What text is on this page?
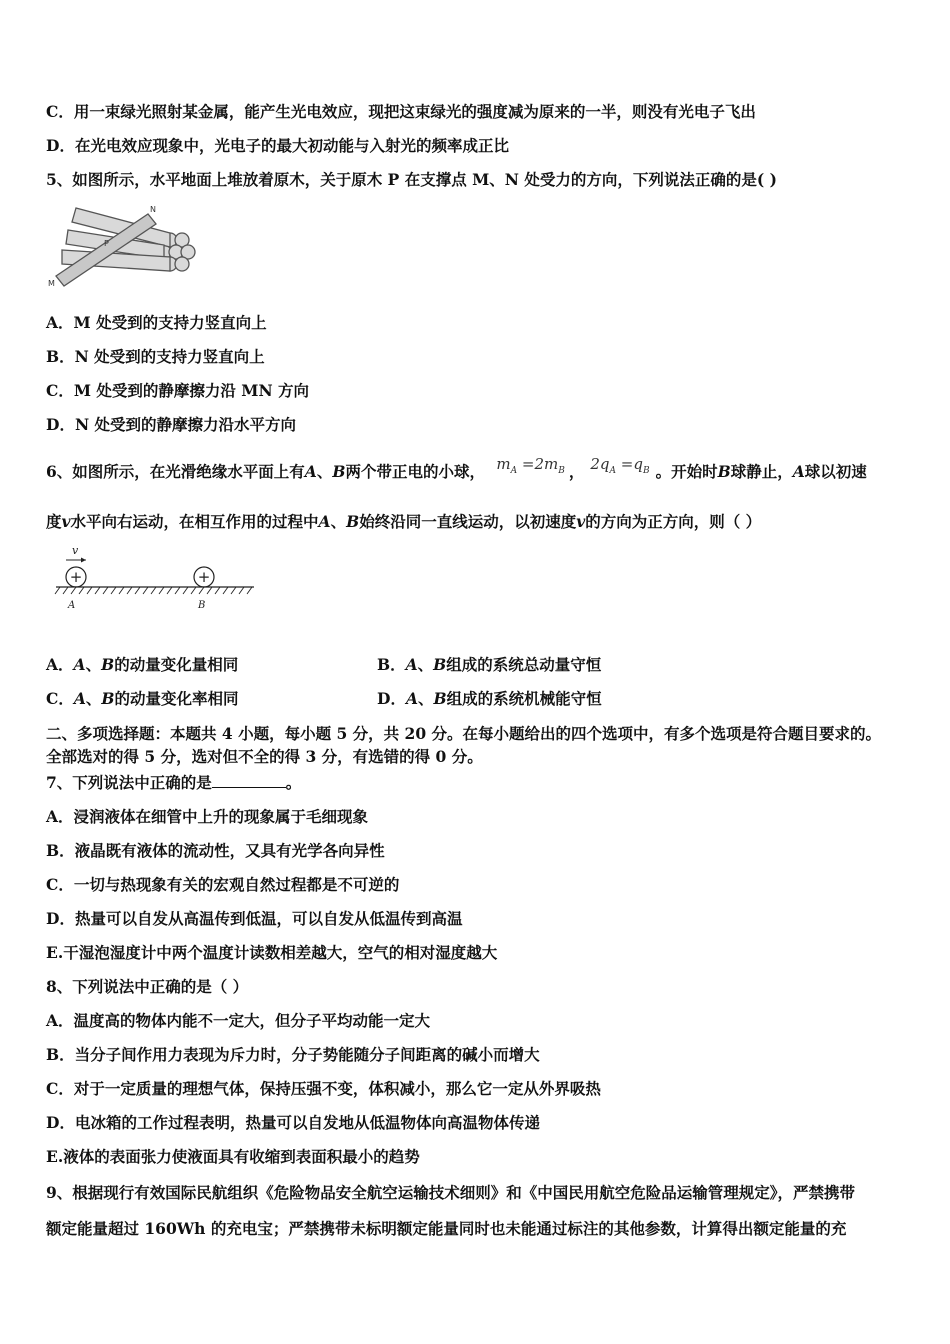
C．用一束绿光照射某金属，能产生光电效应，现把这束绿光的强度减为原来的一半，则没有光电子飞出
D．在光电效应现象中，光电子的最大初动能与入射光的频率成正比
5、如图所示，水平地面上堆放着原木，关于原木 P 在支撑点 M、N 处受力的方向，下列说法正确的是( )
N
P
M
A．M 处受到的支持力竖直向上
B．N 处受到的支持力竖直向上
C．M 处受到的静摩擦力沿 MN 方向
D．N 处受到的静摩擦力沿水平方向
6、如图所示，在光滑绝缘水平面上有A、B两个带正电的小球， $m_A =2m_B$ ， $2q_A =q_B$ 。开始时B球静止，A球以初速
度v水平向右运动，在相互作用的过程中A、B始终沿同一直线运动，以初速度v的方向为正方向，则（ ）
v
+	+
A	B
A．A、B的动量变化量相同	B．A、B组成的系统总动量守恒
C．A、B的动量变化率相同	D．A、B组成的系统机械能守恒
二、多项选择题：本题共 4 小题，每小题 5 分，共 20 分。在每小题给出的四个选项中，有多个选项是符合题目要求的。
全部选对的得 5 分，选对但不全的得 3 分，有选错的得 0 分。
7、下列说法中正确的是	。
A．浸润液体在细管中上升的现象属于毛细现象
B．液晶既有液体的流动性，又具有光学各向异性
C．一切与热现象有关的宏观自然过程都是不可逆的
D．热量可以自发从高温传到低温，可以自发从低温传到高温
E.干湿泡湿度计中两个温度计读数相差越大，空气的相对湿度越大
8、下列说法中正确的是（ ）
A．温度高的物体内能不一定大，但分子平均动能一定大
B．当分子间作用力表现为斥力时，分子势能随分子间距离的碱小而增大
C．对于一定质量的理想气体，保持压强不变，体积减小，那么它一定从外界吸热
D．电冰箱的工作过程表明，热量可以自发地从低温物体向高温物体传递
E.液体的表面张力使液面具有收缩到表面积最小的趋势
9、根据现行有效国际民航组织《危险物品安全航空运输技术细则》和《中国民用航空危险品运输管理规定》，严禁携带
额定能量超过 160Wh 的充电宝；严禁携带未标明额定能量同时也未能通过标注的其他参数，计算得出额定能量的充
